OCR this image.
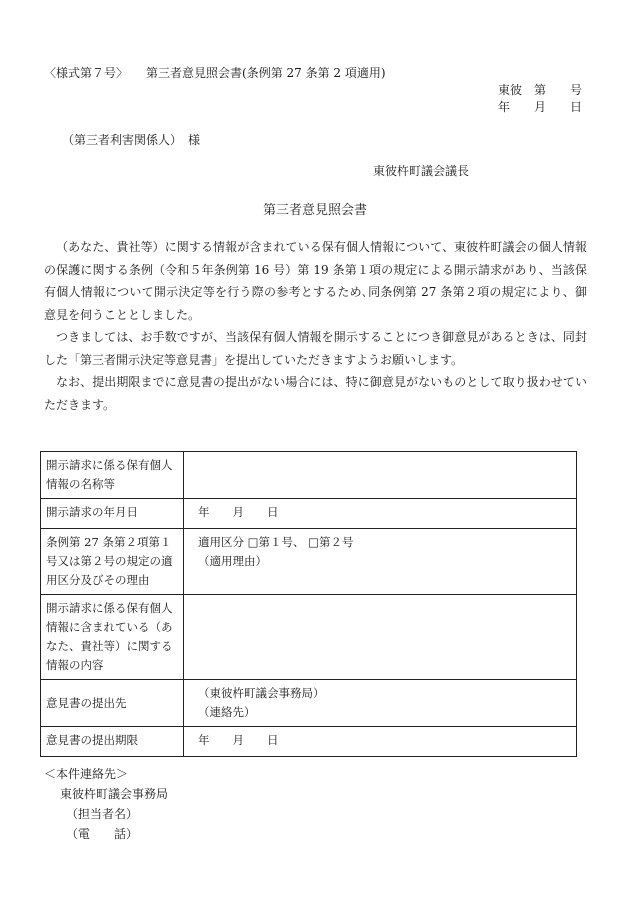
〈様式第７号〉 第三者意見照会書(条例第 27 条第 2 項適用)
東彼　第　　号
年　　月　　日
（第三者利害関係人）　様
東彼杵町議会議長
第三者意見照会書

（あなた、貴社等）に関する情報が含まれている保有個人情報について、東彼杵町議会の個人情報の保護に関する条例（令和５年条例第 16 号）第 19 条第１項の規定による開示請求があり、当該保有個人情報について開示決定等を行う際の参考とするため､同条例第 27 条第２項の規定により、御意見を伺うこととしました。

つきましては、お手数ですが、当該保有個人情報を開示することにつき御意見があるときは、同封した「第三者開示決定等意見書」を提出していただきますようお願いします。

なお、提出期限までに意見書の提出がない場合には、特に御意見がないものとして取り扱わせていただきます。

開示請求に係る保有個人情報の名称等	
開示請求の年月日	年　　月　　日
条例第 27 条第２項第１号又は第２号の規定の適用区分及びその理由	適用区分 □第１号、 □第２号
（適用理由）

開示請求に係る保有個人情報に含まれている（あなた、貴社等）に関する情報の内容	
意見書の提出先	（東彼杵町議会事務局）
（連絡先）

意見書の提出期限	年　　月　　日
＜本件連絡先＞
東彼杵町議会事務局
（担当者名）
（電　　話）
